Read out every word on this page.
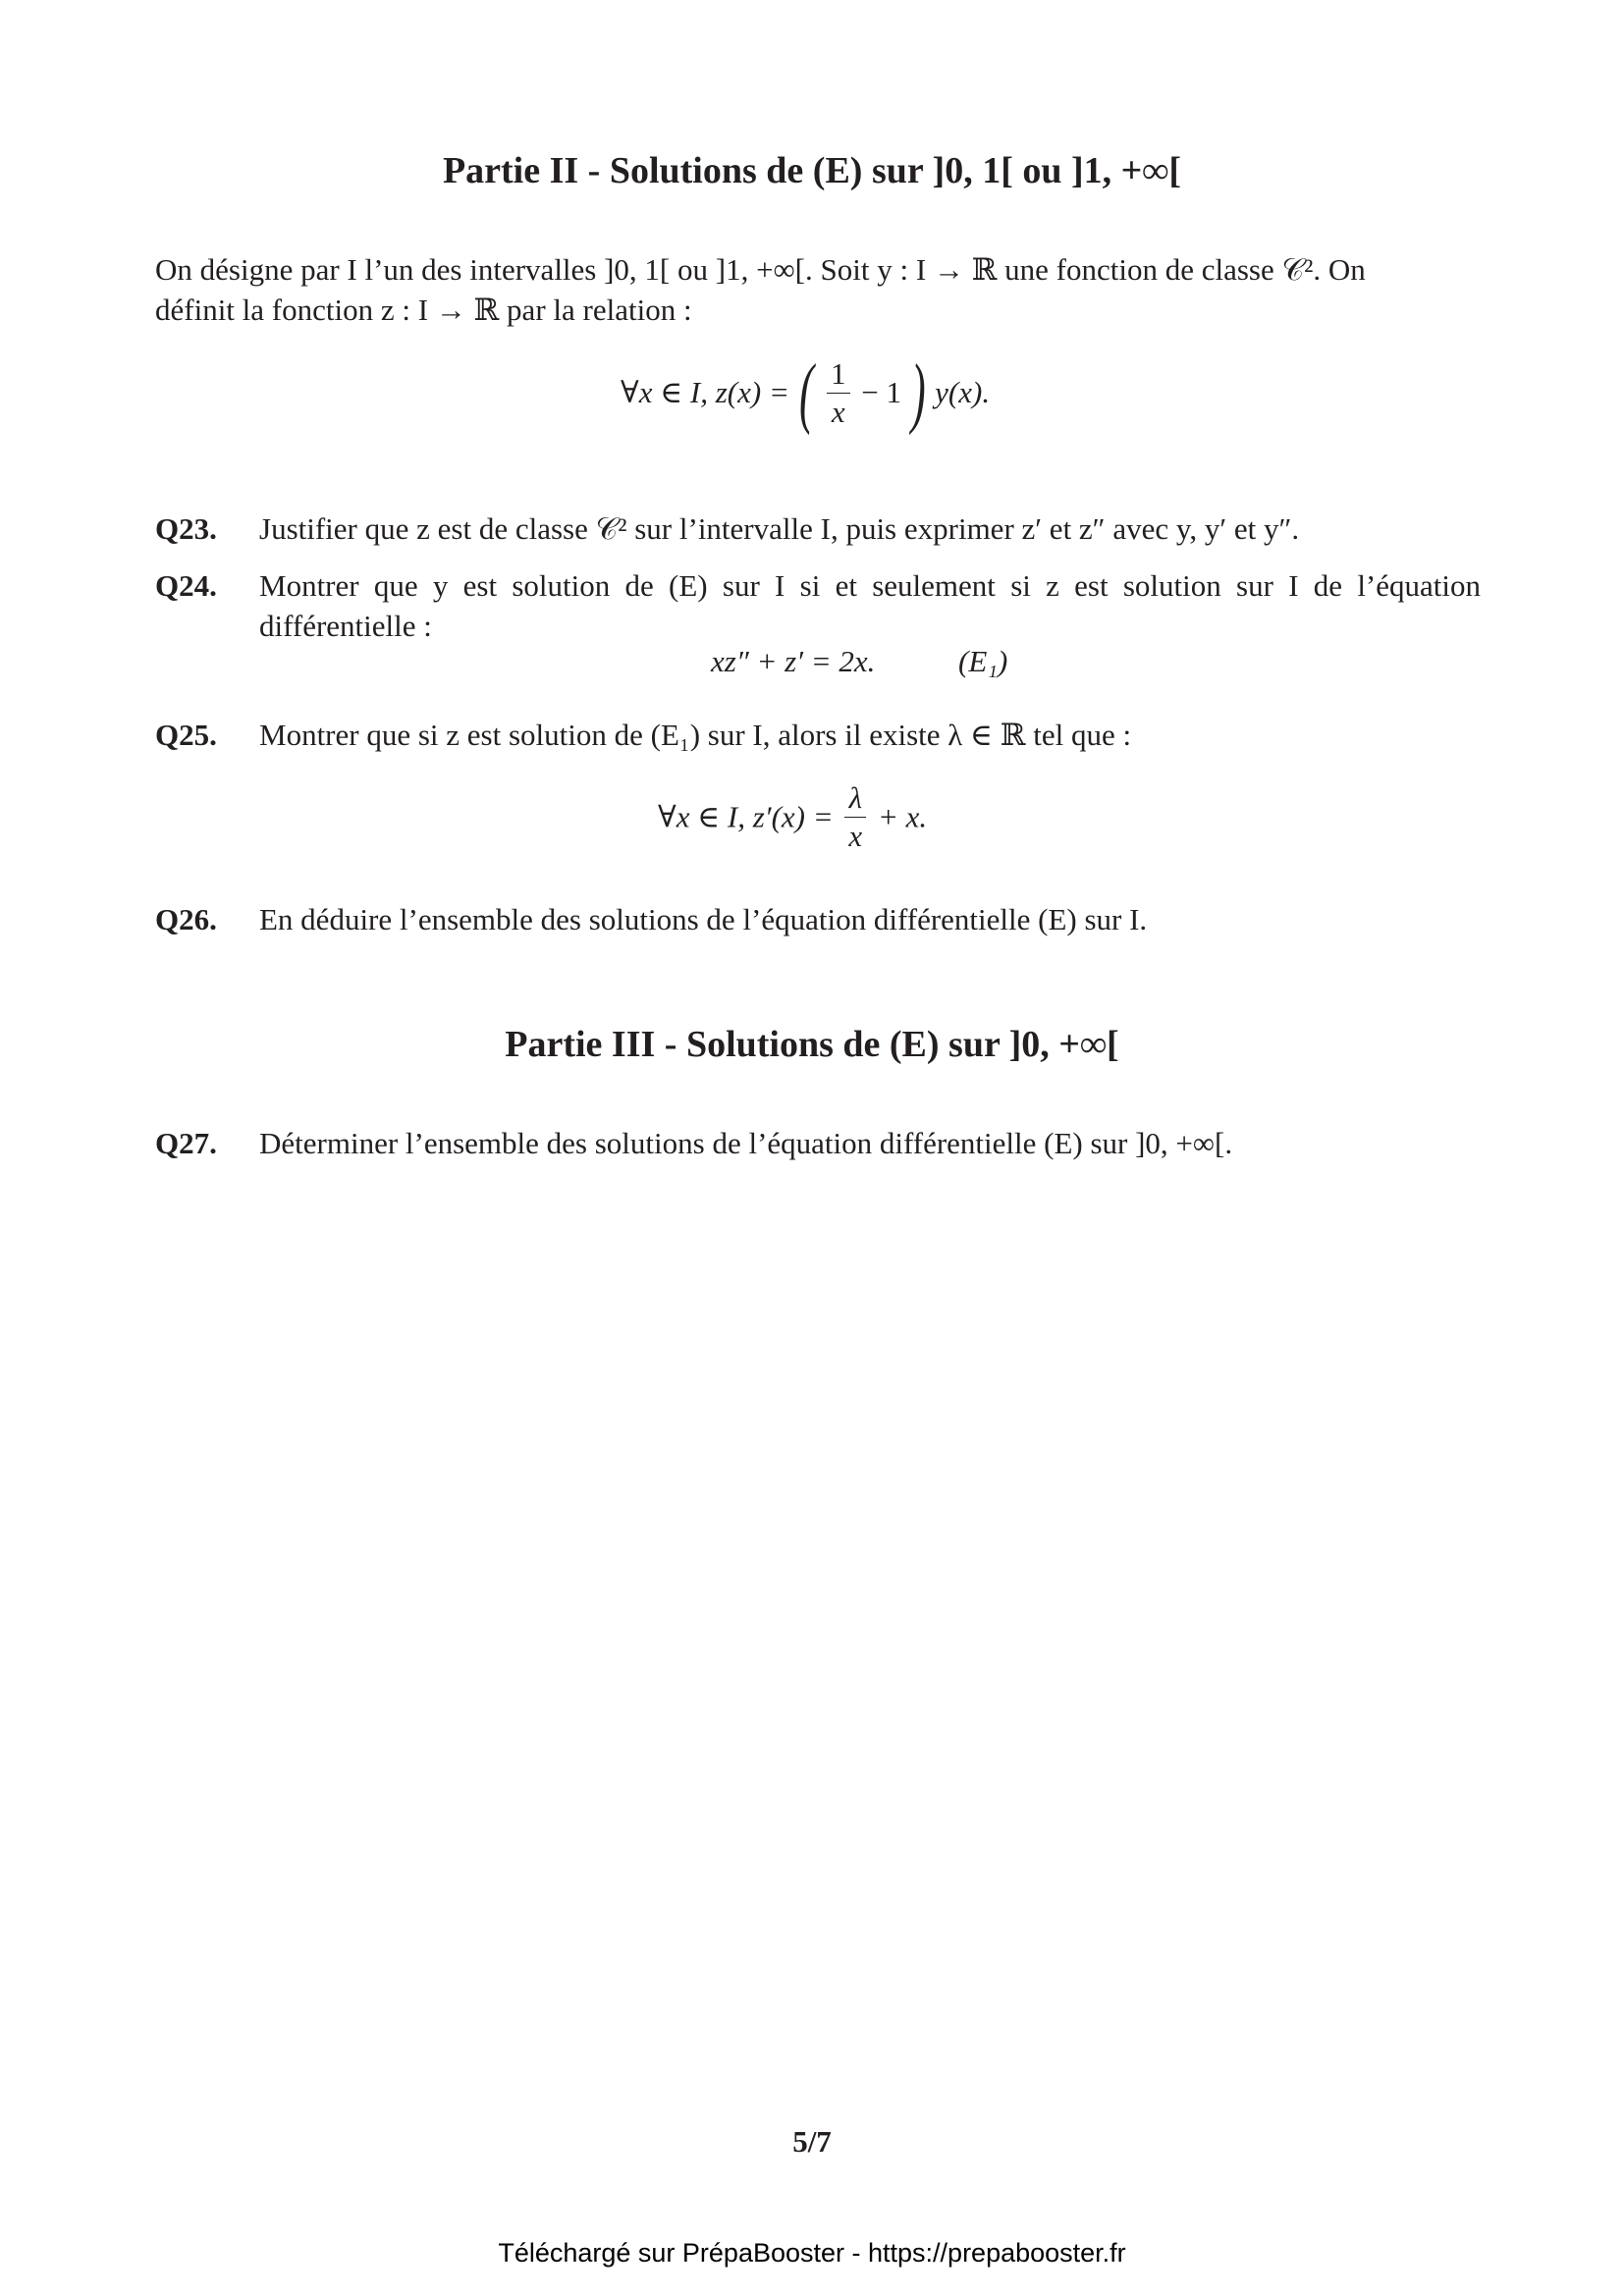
Partie II - Solutions de (E) sur ]0, 1[ ou ]1, +∞[
On désigne par I l’un des intervalles ]0, 1[ ou ]1, +∞[. Soit y : I → ℝ une fonction de classe 𝒞². On
définit la fonction z : I → ℝ par la relation :
∀x ∈ I, z(x) = ( $\frac{1}{x} - 1$ ) y(x).
Q23. Justifier que z est de classe 𝒞² sur l’intervalle I, puis exprimer z′ et z″ avec y, y′ et y″.
Q24. Montrer que y est solution de (E) sur I si et seulement si z est solution sur I de l’équation différentielle :
xz″ + z′ = 2x.	(E₁)
Q25. Montrer que si z est solution de (E₁) sur I, alors il existe λ ∈ ℝ tel que :
∀x ∈ I, $z'(x) = \frac{\lambda}{x} + x$.
Q26. En déduire l’ensemble des solutions de l’équation différentielle (E) sur I.
Partie III - Solutions de (E) sur ]0, +∞[
Q27. Déterminer l’ensemble des solutions de l’équation différentielle (E) sur ]0, +∞[.
5/7
Téléchargé sur PrépaBooster - https://prepabooster.fr
